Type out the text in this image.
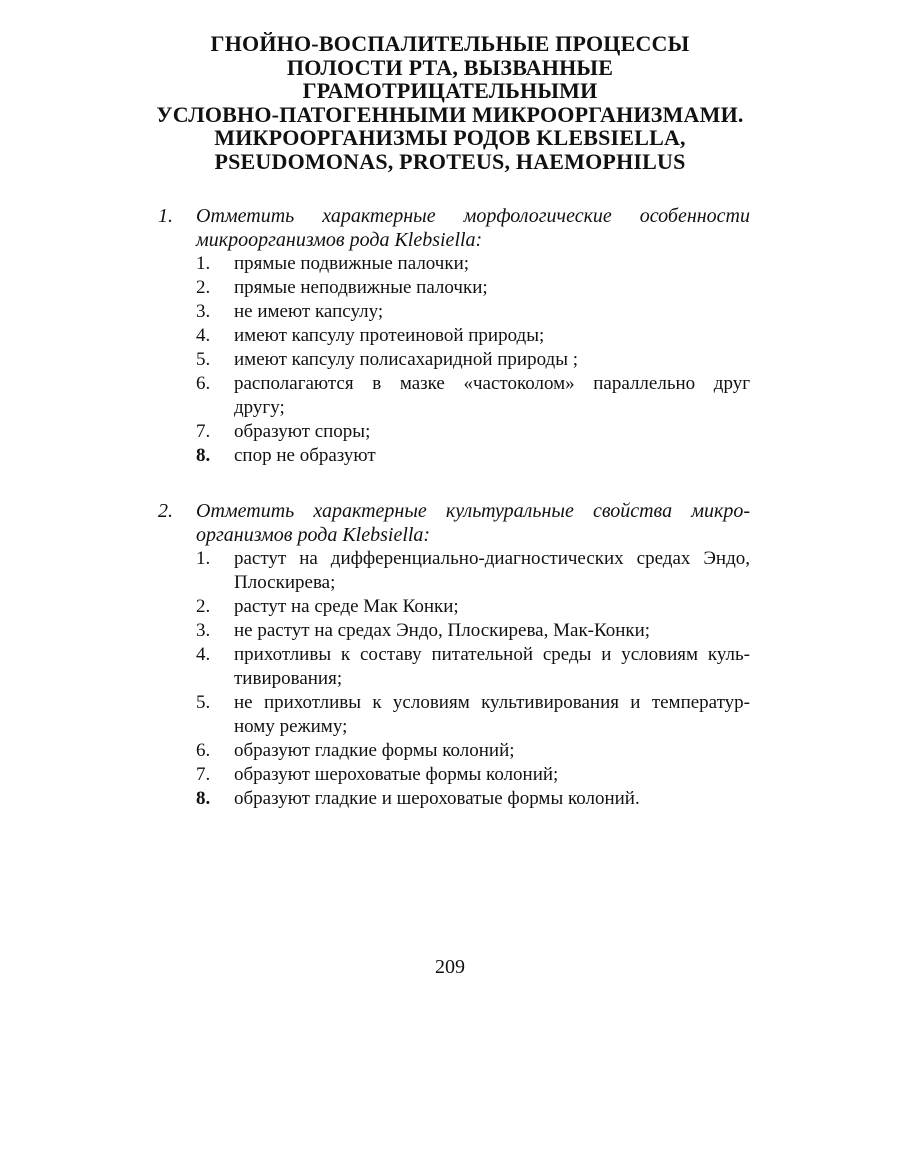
ГНОЙНО-ВОСПАЛИТЕЛЬНЫЕ ПРОЦЕССЫ
ПОЛОСТИ РТА, ВЫЗВАННЫЕ
ГРАМОТРИЦАТЕЛЬНЫМИ
УСЛОВНО-ПАТОГЕННЫМИ МИКРООРГАНИЗМАМИ.
МИКРООРГАНИЗМЫ РОДОВ KLEBSIELLA,
PSEUDOMONAS, PROTEUS, HAEMOPHILUS
1. Отметить характерные морфологические особенности
микроорганизмов рода Klebsiella:
1. прямые подвижные палочки;
2. прямые неподвижные палочки;
3. не имеют капсулу;
4. имеют капсулу протеиновой природы;
5. имеют капсулу полисахаридной природы ;
6. располагаются в мазке «частоколом» параллельно друг
другу;
7. образуют споры;
8. спор не образуют
2. Отметить характерные культуральные свойства микро-
организмов рода Klebsiella:
1. растут на дифференциально-диагностических средах Эндо,
Плоскирева;
2. растут на среде Мак Конки;
3. не растут на средах Эндо, Плоскирева, Мак-Конки;
4. прихотливы к составу питательной среды и условиям куль-
тивирования;
5. не прихотливы к условиям культивирования и температур-
ному режиму;
6. образуют гладкие формы колоний;
7. образуют шероховатые формы колоний;
8. образуют гладкие и шероховатые формы колоний.
209
